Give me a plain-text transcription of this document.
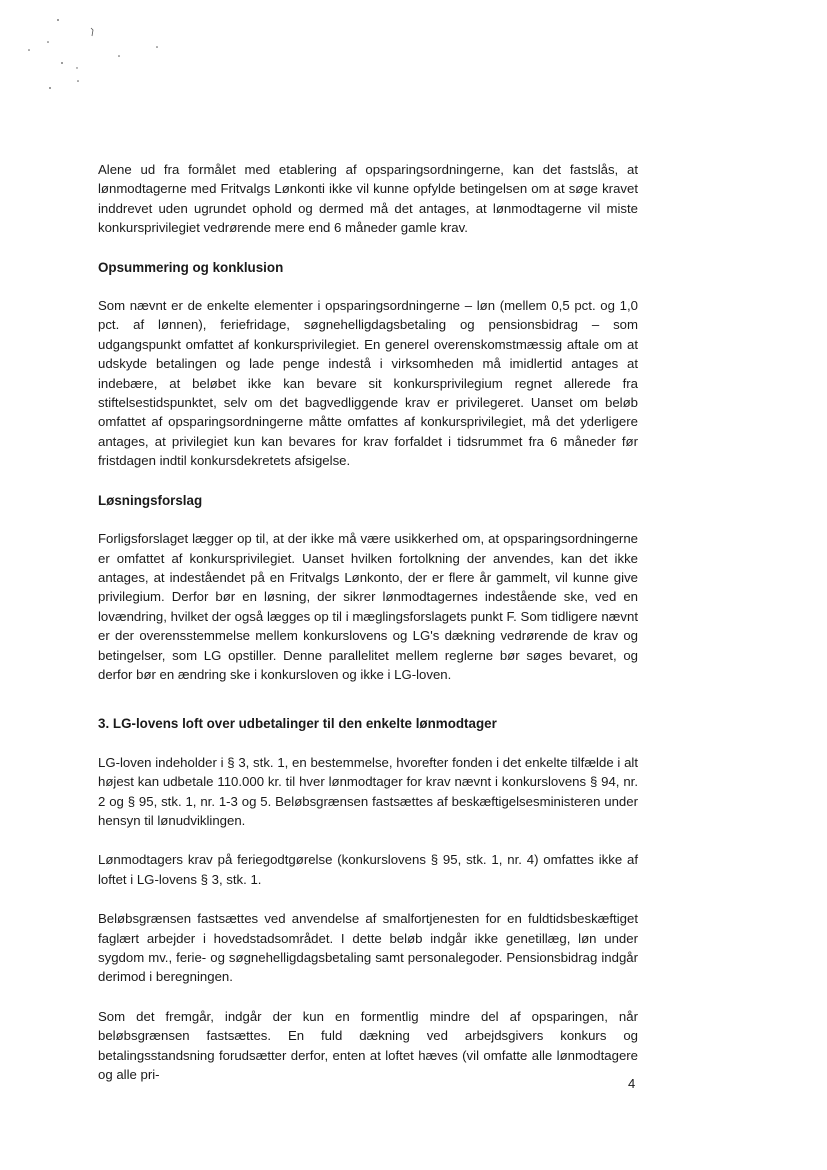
Alene ud fra formålet med etablering af opsparingsordningerne, kan det fastslås, at lønmodtagerne med Fritvalgs Lønkonti ikke vil kunne opfylde betingelsen om at søge kravet inddrevet uden ugrundet ophold og dermed må det antages, at lønmodtagerne vil miste konkursprivilegiet vedrørende mere end 6 måneder gamle krav.

Opsummering og konklusion

Som nævnt er de enkelte elementer i opsparingsordningerne – løn (mellem 0,5 pct. og 1,0 pct. af lønnen), feriefridage, søgnehelligdagsbetaling og pensionsbidrag – som udgangspunkt omfattet af konkursprivilegiet. En generel overenskomstmæssig aftale om at udskyde betalingen og lade penge indestå i virksomheden må imidlertid antages at indebære, at beløbet ikke kan bevare sit konkursprivilegium regnet allerede fra stiftelsestidspunktet, selv om det bagvedliggende krav er privilegeret. Uanset om beløb omfattet af opsparingsordningerne måtte omfattes af konkursprivilegiet, må det yderligere antages, at privilegiet kun kan bevares for krav forfaldet i tidsrummet fra 6 måneder før fristdagen indtil konkursdekretets afsigelse.

Løsningsforslag

Forligsforslaget lægger op til, at der ikke må være usikkerhed om, at opsparingsordningerne er omfattet af konkursprivilegiet. Uanset hvilken fortolkning der anvendes, kan det ikke antages, at indeståendet på en Fritvalgs Lønkonto, der er flere år gammelt, vil kunne give privilegium. Derfor bør en løsning, der sikrer lønmodtagernes indestående ske, ved en lovændring, hvilket der også lægges op til i mæglingsforslagets punkt F. Som tidligere nævnt er der overensstemmelse mellem konkurslovens og LG's dækning vedrørende de krav og betingelser, som LG opstiller. Denne parallelitet mellem reglerne bør søges bevaret, og derfor bør en ændring ske i konkursloven og ikke i LG-loven.

3. LG-lovens loft over udbetalinger til den enkelte lønmodtager

LG-loven indeholder i § 3, stk. 1, en bestemmelse, hvorefter fonden i det enkelte tilfælde i alt højest kan udbetale 110.000 kr. til hver lønmodtager for krav nævnt i konkurslovens § 94, nr. 2 og § 95, stk. 1, nr. 1-3 og 5. Beløbsgrænsen fastsættes af beskæftigelsesministeren under hensyn til lønudviklingen.

Lønmodtagers krav på feriegodtgørelse (konkurslovens § 95, stk. 1, nr. 4) omfattes ikke af loftet i LG-lovens § 3, stk. 1.

Beløbsgrænsen fastsættes ved anvendelse af smalfortjenesten for en fuldtidsbeskæftiget faglært arbejder i hovedstadsområdet. I dette beløb indgår ikke genetillæg, løn under sygdom mv., ferie- og søgnehelligdagsbetaling samt personalegoder. Pensionsbidrag indgår derimod i beregningen.

Som det fremgår, indgår der kun en formentlig mindre del af opsparingen, når beløbsgrænsen fastsættes. En fuld dækning ved arbejdsgivers konkurs og betalingsstandsning forudsætter derfor, enten at loftet hæves (vil omfatte alle lønmodtagere og alle pri-

4
